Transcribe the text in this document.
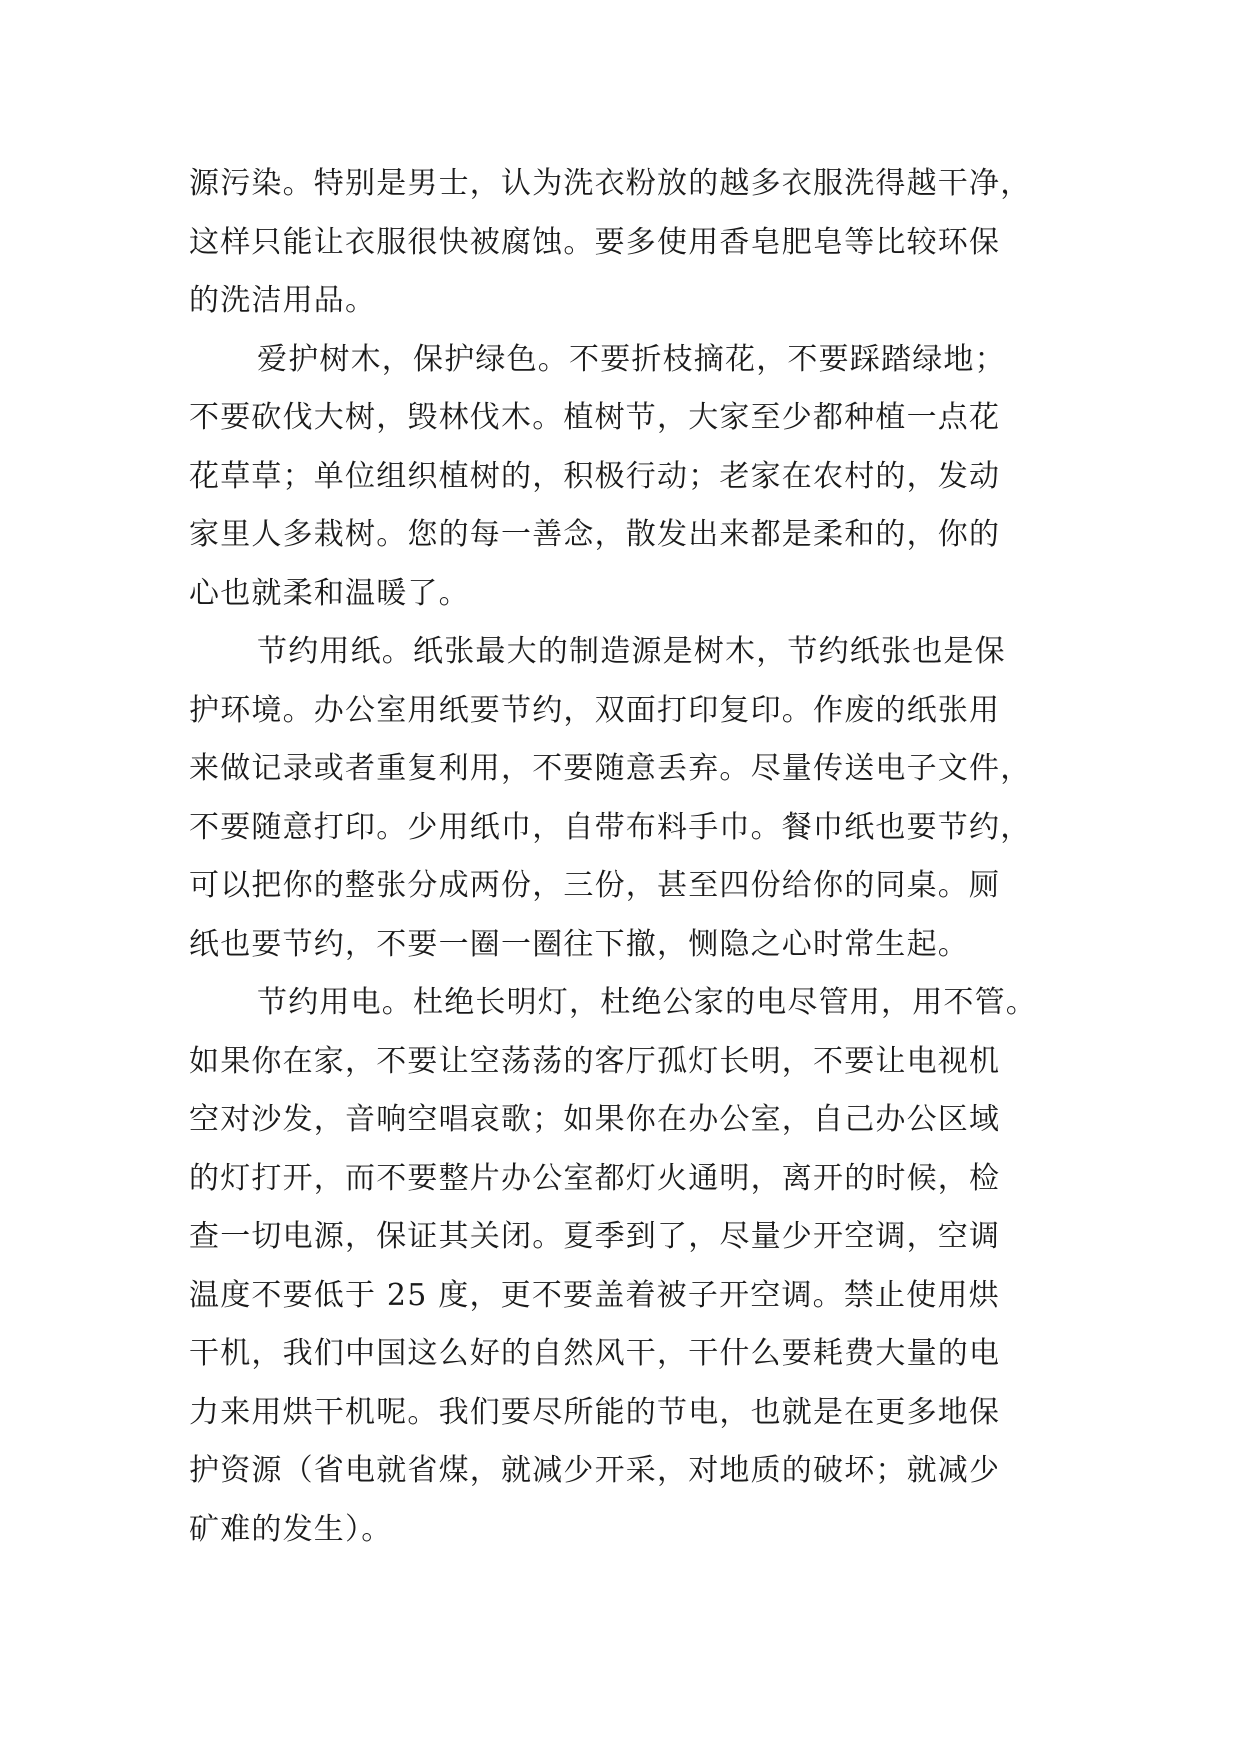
源污染。特别是男士，认为洗衣粉放的越多衣服洗得越干净，
这样只能让衣服很快被腐蚀。要多使用香皂肥皂等比较环保
的洗洁用品。
爱护树木，保护绿色。不要折枝摘花，不要踩踏绿地；
不要砍伐大树，毁林伐木。植树节，大家至少都种植一点花
花草草；单位组织植树的，积极行动；老家在农村的，发动
家里人多栽树。您的每一善念，散发出来都是柔和的，你的
心也就柔和温暖了。
节约用纸。纸张最大的制造源是树木，节约纸张也是保
护环境。办公室用纸要节约，双面打印复印。作废的纸张用
来做记录或者重复利用，不要随意丢弃。尽量传送电子文件，
不要随意打印。少用纸巾，自带布料手巾。餐巾纸也要节约，
可以把你的整张分成两份，三份，甚至四份给你的同桌。厕
纸也要节约，不要一圈一圈往下撤，恻隐之心时常生起。
节约用电。杜绝长明灯，杜绝公家的电尽管用，用不管。
如果你在家，不要让空荡荡的客厅孤灯长明，不要让电视机
空对沙发，音响空唱哀歌；如果你在办公室，自己办公区域
的灯打开，而不要整片办公室都灯火通明，离开的时候，检
查一切电源，保证其关闭。夏季到了，尽量少开空调，空调
温度不要低于 25 度，更不要盖着被子开空调。禁止使用烘
干机，我们中国这么好的自然风干，干什么要耗费大量的电
力来用烘干机呢。我们要尽所能的节电，也就是在更多地保
护资源（省电就省煤，就减少开采，对地质的破坏；就减少
矿难的发生）。
